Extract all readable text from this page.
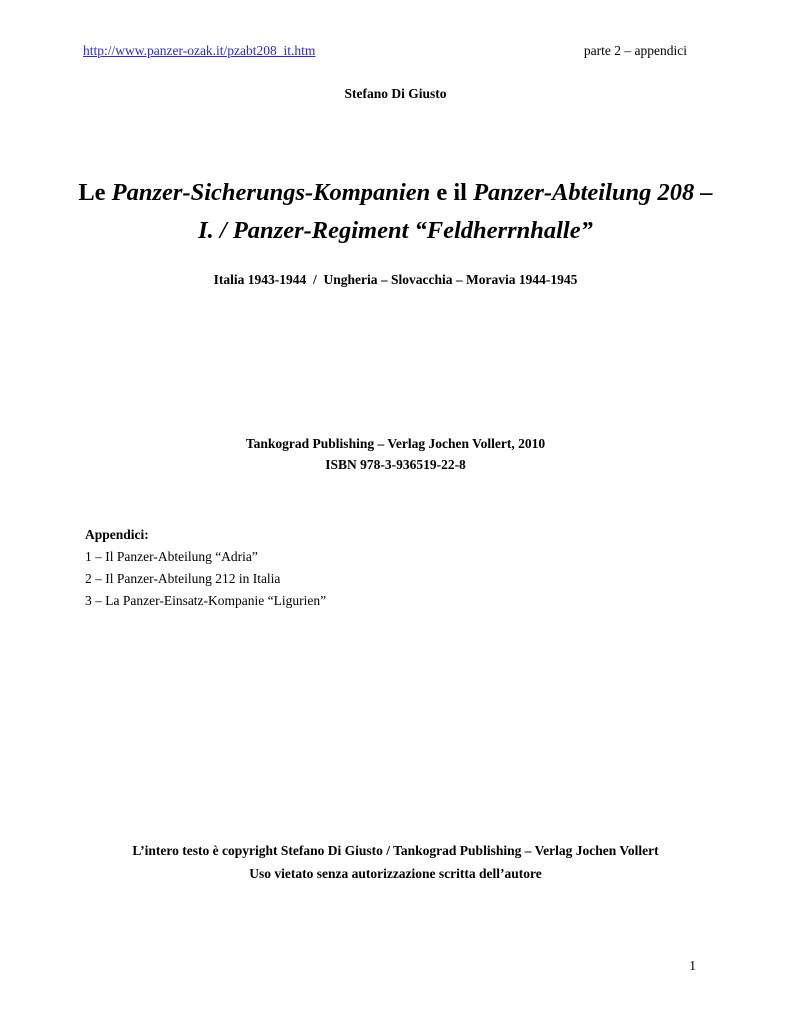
http://www.panzer-ozak.it/pzabt208_it.htm	parte 2 – appendici
Stefano Di Giusto
Le Panzer-Sicherungs-Kompanien e il Panzer-Abteilung 208 –
I. / Panzer-Regiment “Feldherrnhalle”
Italia 1943-1944  /  Ungheria – Slovacchia – Moravia 1944-1945
Tankograd Publishing – Verlag Jochen Vollert, 2010
ISBN 978-3-936519-22-8
Appendici:
1 – Il Panzer-Abteilung “Adria”
2 – Il Panzer-Abteilung 212 in Italia
3 – La Panzer-Einsatz-Kompanie “Ligurien”
L’intero testo è copyright Stefano Di Giusto / Tankograd Publishing – Verlag Jochen Vollert
Uso vietato senza autorizzazione scritta dell’autore
1
